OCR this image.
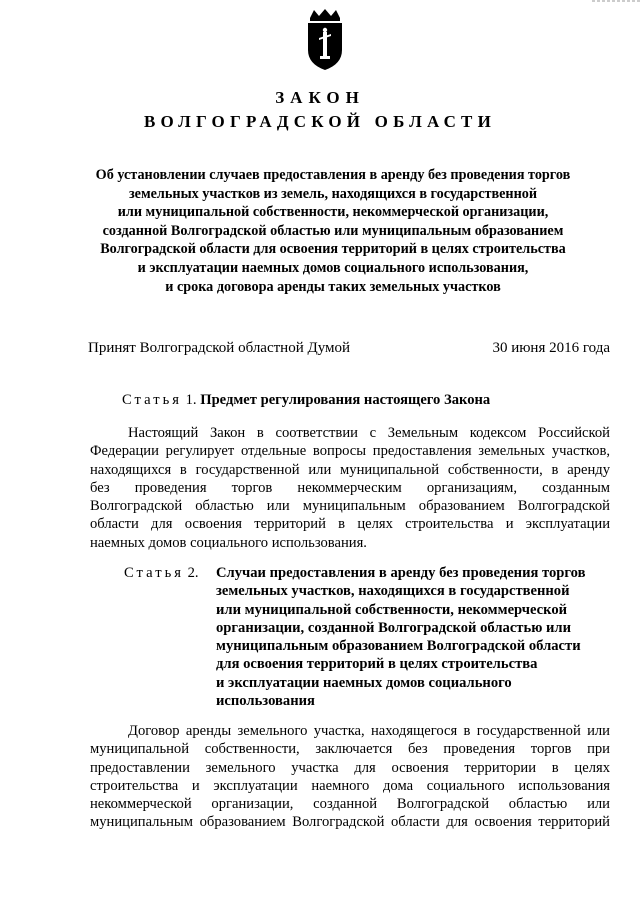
ЗАКОН
ВОЛГОГРАДСКОЙ ОБЛАСТИ

Об установлении случаев предоставления в аренду без проведения торгов
земельных участков из земель, находящихся в государственной
или муниципальной собственности, некоммерческой организации,
созданной Волгоградской областью или муниципальным образованием
Волгоградской области для освоения территорий в целях строительства
и эксплуатации наемных домов социального использования,
и срока договора аренды таких земельных участков

Принят Волгоградской областной Думой	30 июня 2016 года
Статья 1. Предмет регулирования настоящего Закона

Настоящий Закон в соответствии с Земельным кодексом Российской
Федерации регулирует отдельные вопросы предоставления земельных участков,
находящихся в государственной или муниципальной собственности, в аренду
без проведения торгов некоммерческим организациям, созданным
Волгоградской областью или муниципальным образованием Волгоградской
области для освоения территорий в целях строительства и эксплуатации
наемных домов социального использования.

Статья 2. Случаи предоставления в аренду без проведения торгов
земельных участков, находящихся в государственной
или муниципальной собственности, некоммерческой
организации, созданной Волгоградской областью или
муниципальным образованием Волгоградской области
для освоения территорий в целях строительства
и эксплуатации наемных домов социального
использования

Договор аренды земельного участка, находящегося в государственной или
муниципальной собственности, заключается без проведения торгов при
предоставлении земельного участка для освоения территории в целях
строительства и эксплуатации наемного дома социального использования
некоммерческой организации, созданной Волгоградской областью или
муниципальным образованием Волгоградской области для освоения территорий
